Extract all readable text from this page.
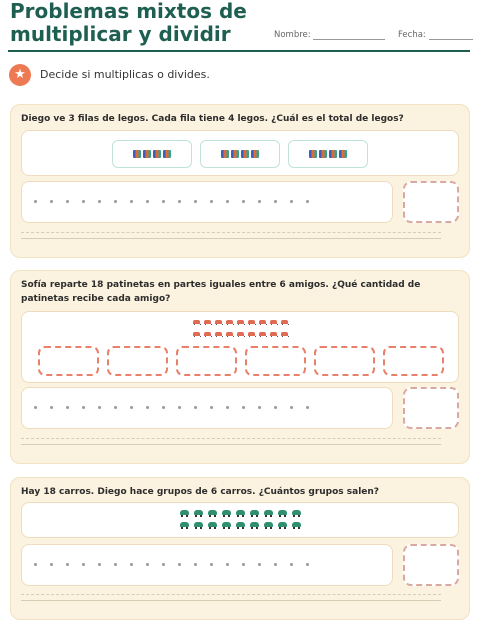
Problemas mixtos de multiplicar y dividir	Nombre:	Fecha:
★	Decide si multiplicas o divides.
Diego ve 3 filas de legos. Cada fila tiene 4 legos. ¿Cuál es el total de legos?
Sofía reparte 18 patinetas en partes iguales entre 6 amigos. ¿Qué cantidad de patinetas recibe cada amigo?
Hay 18 carros. Diego hace grupos de 6 carros. ¿Cuántos grupos salen?
